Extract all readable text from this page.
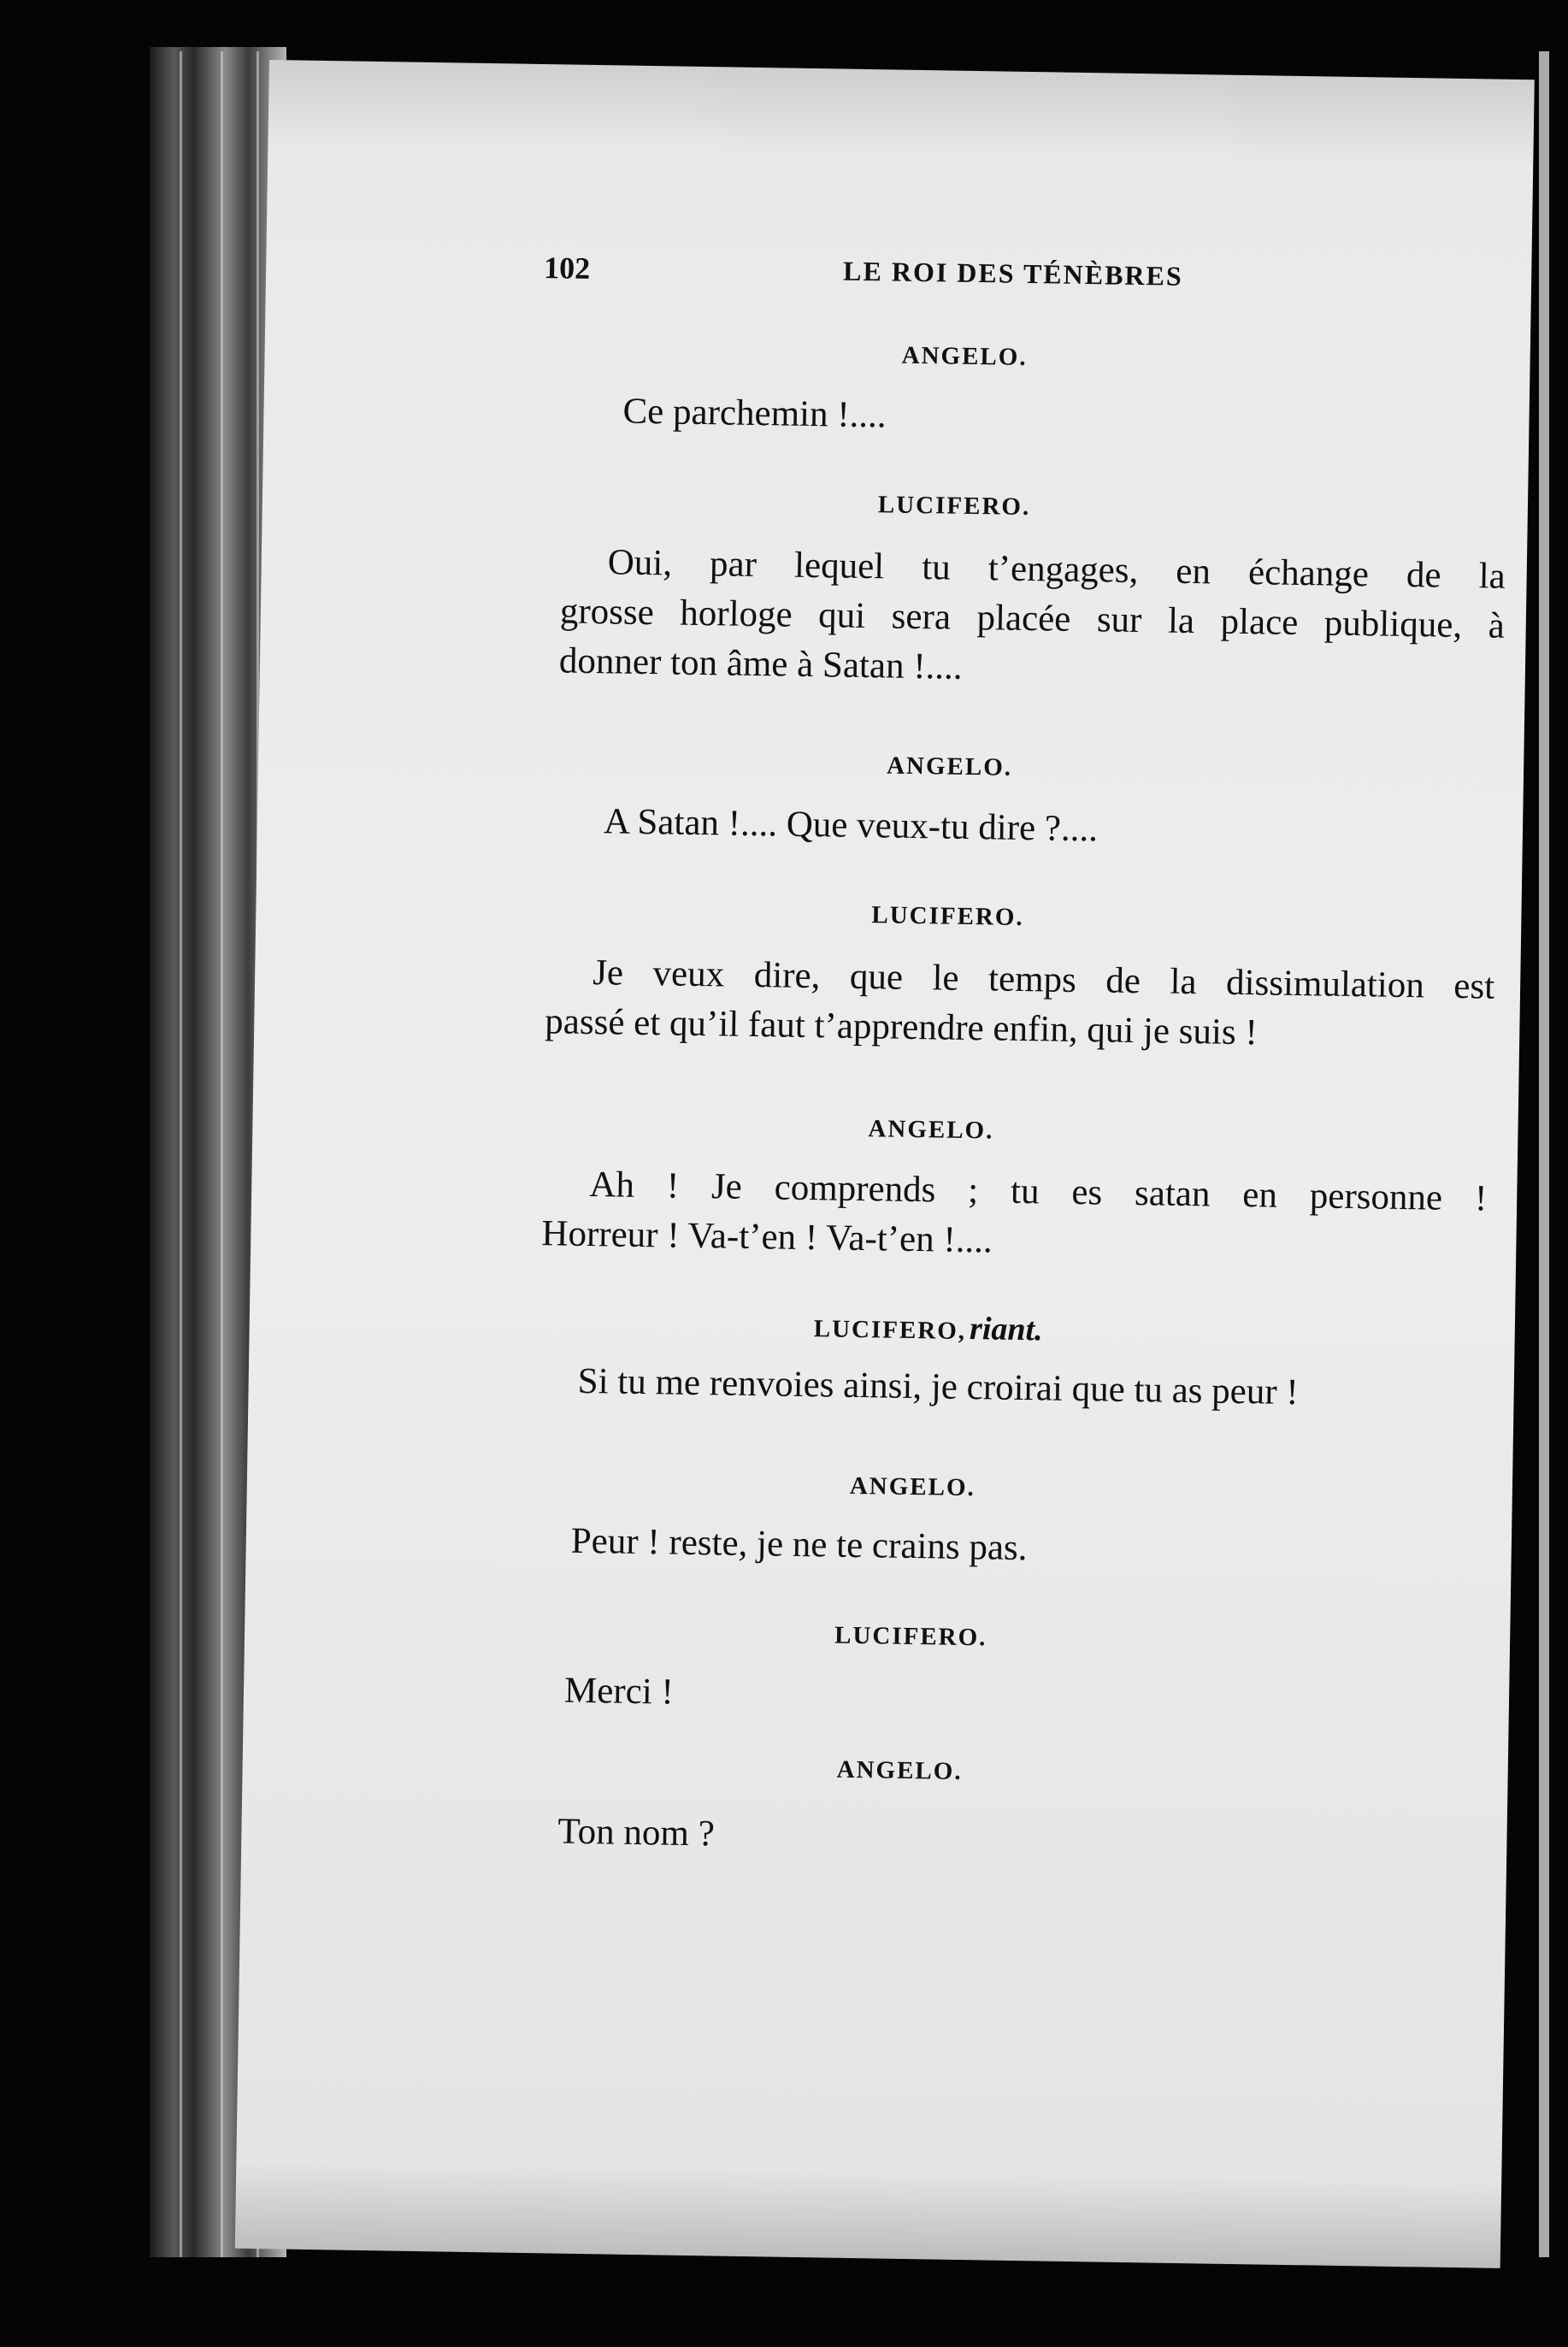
102	LE ROI DES TÉNÈBRES
ANGELO.
Ce parchemin !....
LUCIFERO.
Oui, par lequel tu t’engages, en échange de la
grosse horloge qui sera placée sur la place publique, à
donner ton âme à Satan !....
ANGELO.
A Satan !.... Que veux-tu dire ?....
LUCIFERO.
Je veux dire, que le temps de la dissimulation est
passé et qu’il faut t’apprendre enfin, qui je suis !
ANGELO.
Ah ! Je comprends ; tu es satan en personne !
Horreur ! Va-t’en ! Va-t’en !....
LUCIFERO, riant.
Si tu me renvoies ainsi, je croirai que tu as peur !
ANGELO.
Peur ! reste, je ne te crains pas.
LUCIFERO.
Merci !
ANGELO.
Ton nom ?
